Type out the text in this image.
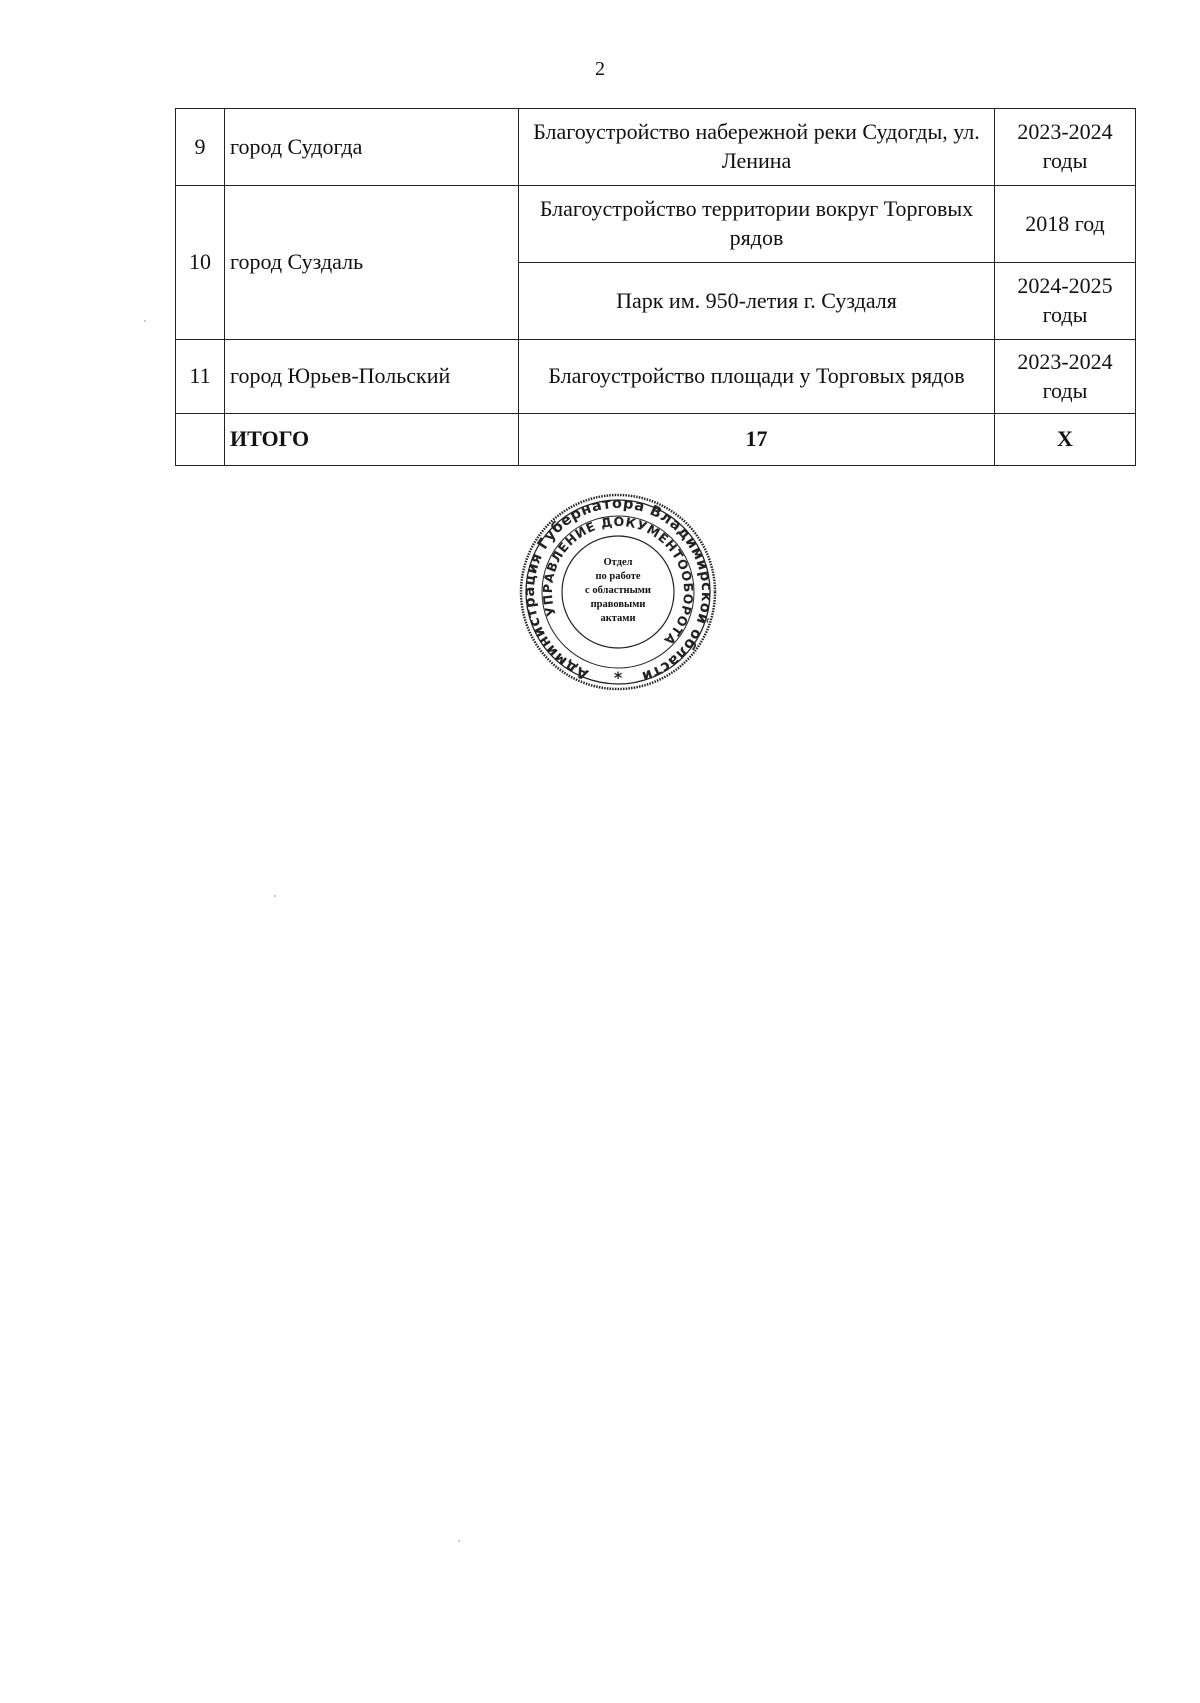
2
9	город Судогда	Благоустройство набережной реки Судогды, ул. Ленина	2023-2024 годы
10	город Суздаль	Благоустройство территории вокруг Торговых рядов	2018 год
		Парк им. 950-летия г. Суздаля	2024-2025 годы
11	город Юрьев-Польский	Благоустройство площади у Торговых рядов	2023-2024 годы
	ИТОГО	17	Х
Администрация Губернатора Владимирской области
УПРАВЛЕНИЕ ДОКУМЕНТООБОРОТА
Отдел
по работе
с областными
правовыми
актами
*
